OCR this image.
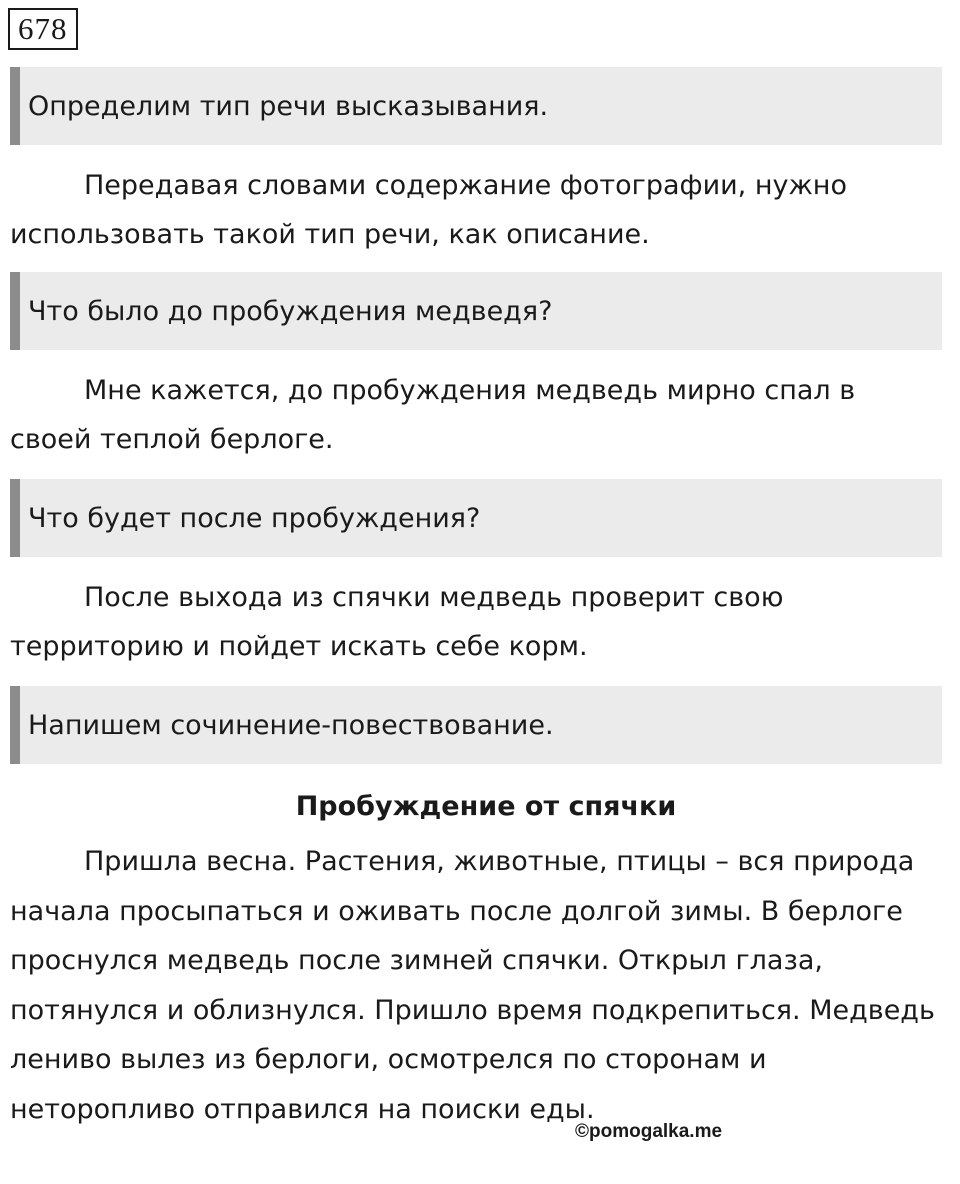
678
Определим тип речи высказывания.

Передавая словами содержание фотографии, нужно использовать такой тип речи, как описание.

Что было до пробуждения медведя?

Мне кажется, до пробуждения медведь мирно спал в своей теплой берлоге.

Что будет после пробуждения?

После выхода из спячки медведь проверит свою территорию и пойдет искать себе корм.

Напишем сочинение-повествование.
Пробуждение от спячки

Пришла весна. Растения, животные, птицы – вся природа начала просыпаться и оживать после долгой зимы. В берлоге проснулся медведь после зимней спячки. Открыл глаза, потянулся и облизнулся. Пришло время подкрепиться. Медведь лениво вылез из берлоги, осмотрелся по сторонам и неторопливо отправился на поиски еды.

©pomogalka.me
